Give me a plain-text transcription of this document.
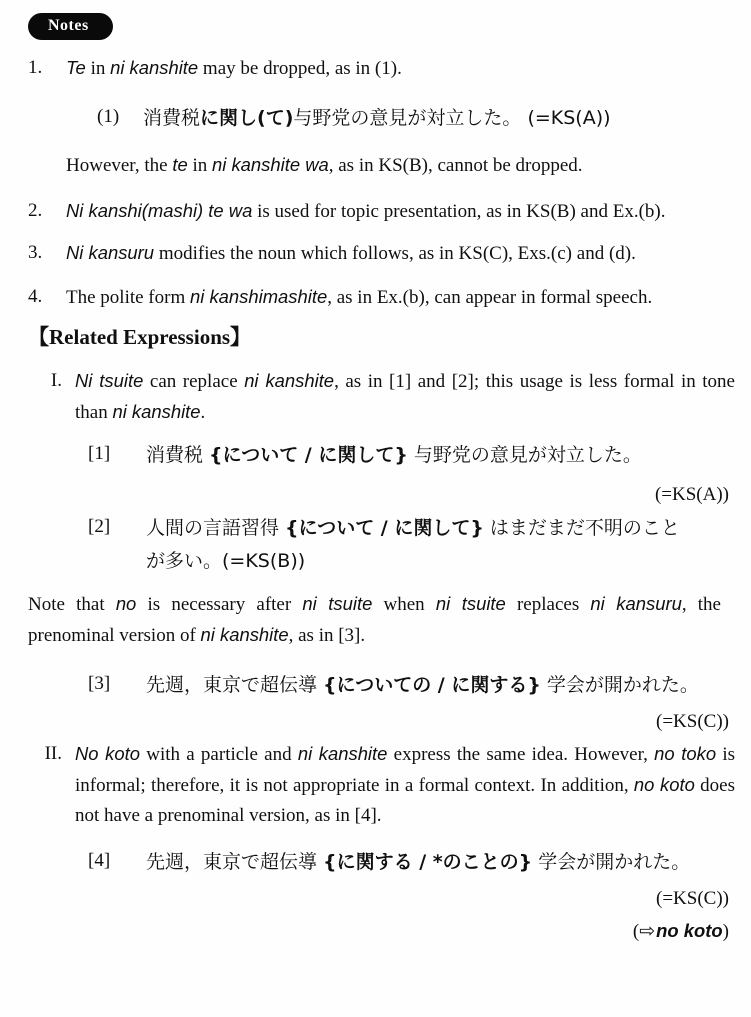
Notes
1.	Te in ni kanshite may be dropped, as in (1).
(1)	消費税に関し(て)与野党の意見が対立した。 (=KS(A))
However, the te in ni kanshite wa, as in KS(B), cannot be dropped.
2.	Ni kanshi(mashi) te wa is used for topic presentation, as in KS(B) and Ex.(b).
3.	Ni kansuru modifies the noun which follows, as in KS(C), Exs.(c) and (d).
4.	The polite form ni kanshimashite, as in Ex.(b), can appear in formal speech.
【Related Expressions】
I. Ni tsuite can replace ni kanshite, as in [1] and [2]; this usage is less formal in tone than ni kanshite.
[1]	消費税 {について / に関して} 与野党の意見が対立した。
(=KS(A))
[2]	人間の言語習得 {について / に関して} はまだまだ不明のこと
が多い。(=KS(B))
Note that no is necessary after ni tsuite when ni tsuite replaces ni kansuru, the prenominal version of ni kanshite, as in [3].
[3]	先週，東京で超伝導 {についての / に関する} 学会が開かれた。
(=KS(C))
II. No koto with a particle and ni kanshite express the same idea. However, no toko is informal; therefore, it is not appropriate in a formal context. In addition, no koto does not have a prenominal version, as in [4].
[4]	先週，東京で超伝導 {に関する / *のことの} 学会が開かれた。
(=KS(C))
(⇨no koto)
